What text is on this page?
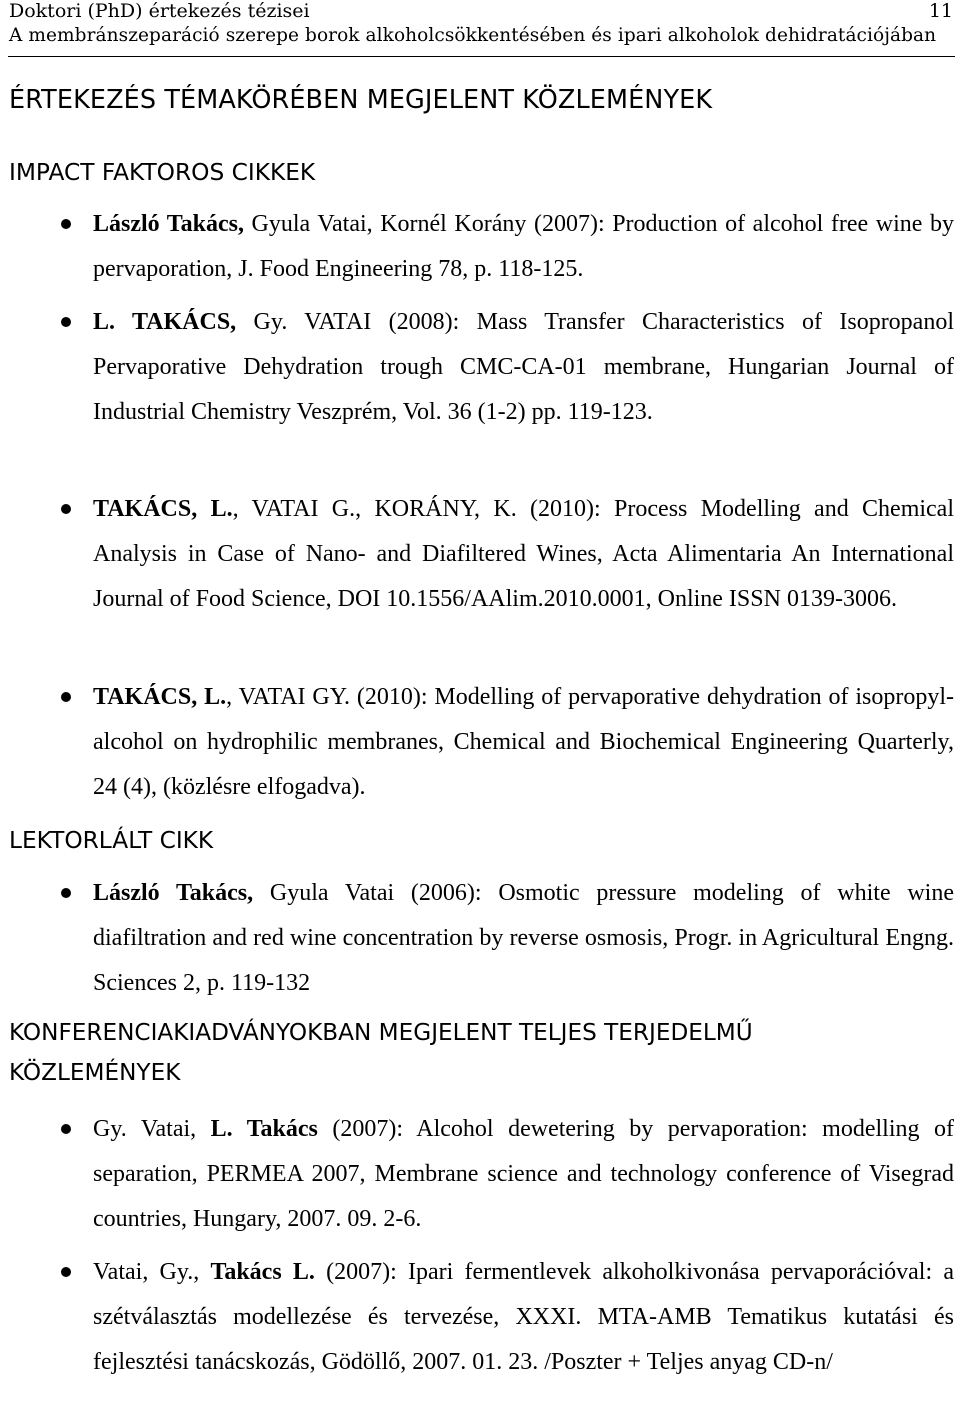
Doktori (PhD) értekezés tézisei	11
A membránszeparáció szerepe borok alkoholcsökkentésében és ipari alkoholok dehidratációjában
ÉRTEKEZÉS TÉMAKÖRÉBEN MEGJELENT KÖZLEMÉNYEK
IMPACT FAKTOROS CIKKEK
László Takács, Gyula Vatai, Kornél Korány (2007): Production of alcohol free wine by pervaporation, J. Food Engineering 78, p. 118-125.
L. TAKÁCS, Gy. VATAI (2008): Mass Transfer Characteristics of Isopropanol Pervaporative Dehydration trough CMC-CA-01 membrane, Hungarian Journal of Industrial Chemistry Veszprém, Vol. 36 (1-2) pp. 119-123.
TAKÁCS, L., VATAI G., KORÁNY, K. (2010): Process Modelling and Chemical Analysis in Case of Nano- and Diafiltered Wines, Acta Alimentaria An International Journal of Food Science, DOI 10.1556/AAlim.2010.0001, Online ISSN 0139-3006.
TAKÁCS, L., VATAI GY. (2010): Modelling of pervaporative dehydration of isopropyl-alcohol on hydrophilic membranes, Chemical and Biochemical Engineering Quarterly, 24 (4), (közlésre elfogadva).
LEKTORLÁLT CIKK
László Takács, Gyula Vatai (2006): Osmotic pressure modeling of white wine diafiltration and red wine concentration by reverse osmosis, Progr. in Agricultural Engng. Sciences 2, p. 119-132
KONFERENCIAKIADVÁNYOKBAN MEGJELENT TELJES TERJEDELMŰ
KÖZLEMÉNYEK
Gy. Vatai, L. Takács (2007): Alcohol dewetering by pervaporation: modelling of separation, PERMEA 2007, Membrane science and technology conference of Visegrad countries, Hungary, 2007. 09. 2-6.
Vatai, Gy., Takács L. (2007): Ipari fermentlevek alkoholkivonása pervaporációval: a szétválasztás modellezése és tervezése, XXXI. MTA-AMB Tematikus kutatási és fejlesztési tanácskozás, Gödöllő, 2007. 01. 23. /Poszter + Teljes anyag CD-n/
